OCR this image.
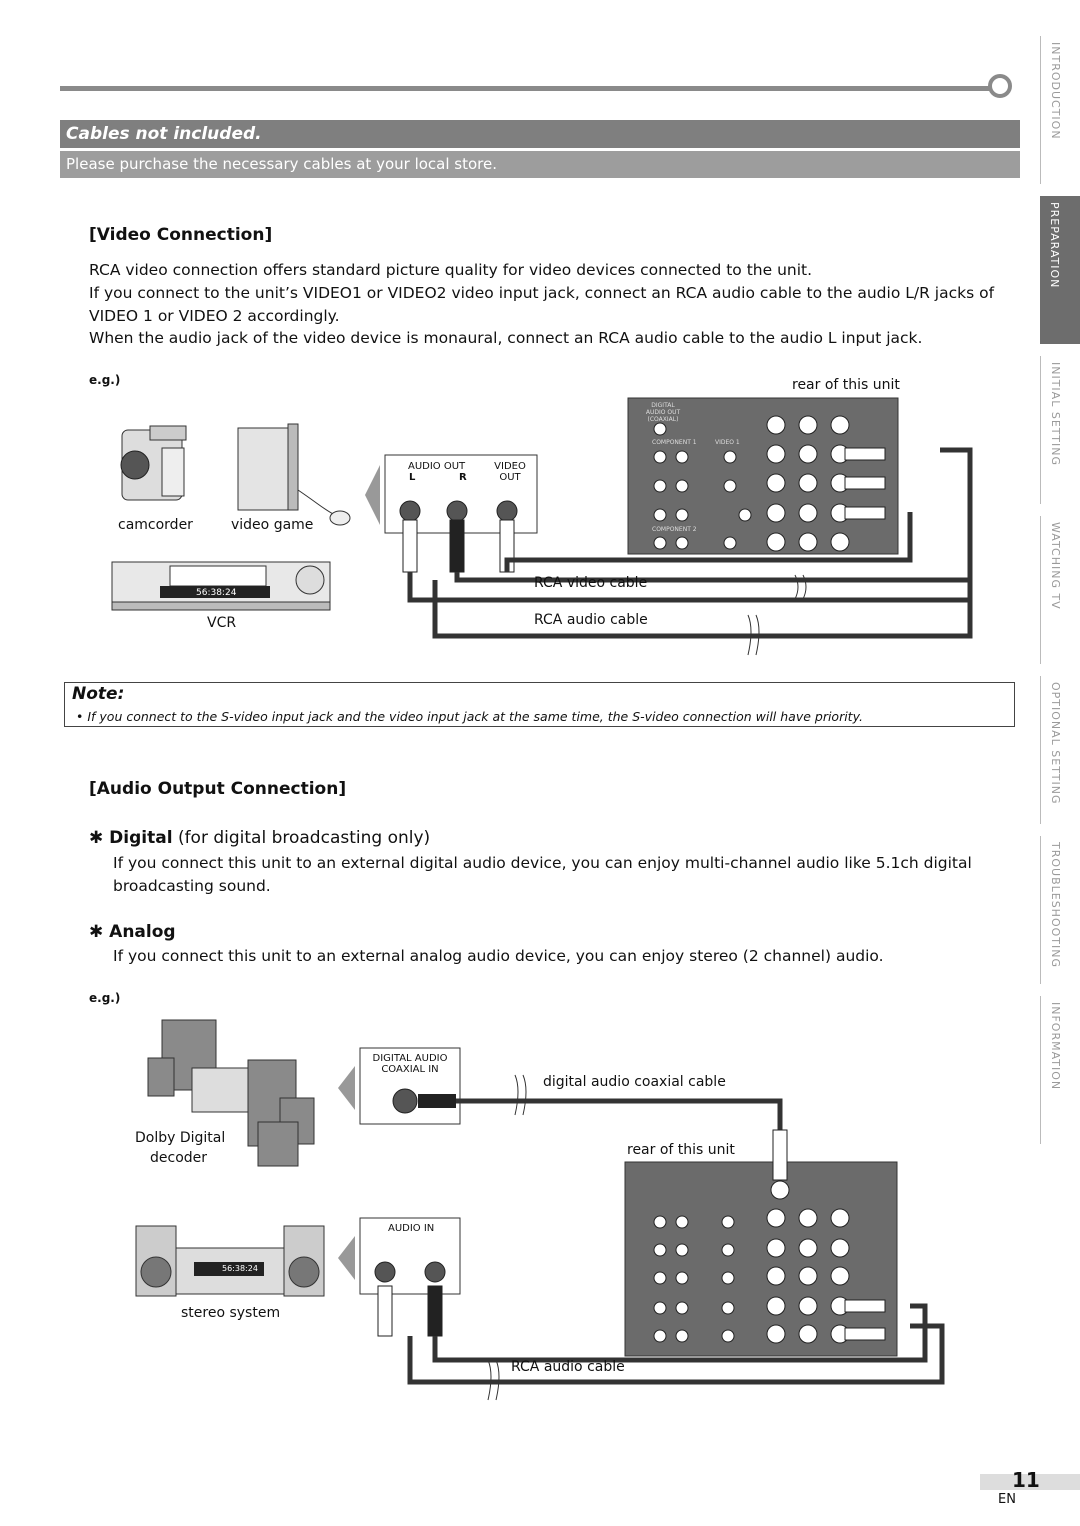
Cables not included.
Please purchase the necessary cables at your local store.
INTRODUCTION
PREPARATION
INITIAL SETTING
WATCHING TV
OPTIONAL SETTING
TROUBLESHOOTING
INFORMATION
[Video Connection]
RCA video connection offers standard picture quality for video devices connected to the unit.
If you connect to the unit’s VIDEO1 or VIDEO2 video input jack, connect an RCA audio cable to the audio L/R jacks of VIDEO 1 or VIDEO 2 accordingly.
When the audio jack of the video device is monaural, connect an RCA audio cable to the audio L input jack.
e.g.)
camcorder	video game
VCR
AUDIO OUT	VIDEO OUT
L	R
rear of this unit
RCA video cable
RCA audio cable
56:38:24
DIGITAL AUDIO OUT (COAXIAL)
COMPONENT 1	VIDEO 1
COMPONENT 2
Note:
• If you connect to the S-video input jack and the video input jack at the same time, the S-video connection will have priority.
[Audio Output Connection]
✱ Digital (for digital broadcasting only)
If you connect this unit to an external digital audio device, you can enjoy multi-channel audio like 5.1ch digital broadcasting sound.
✱ Analog
If you connect this unit to an external analog audio device, you can enjoy stereo (2 channel) audio.
e.g.)
DIGITAL AUDIO COAXIAL IN
digital audio coaxial cable
rear of this unit
Dolby Digital
decoder
AUDIO IN
stereo system
RCA audio cable
56:38:24
11
EN
